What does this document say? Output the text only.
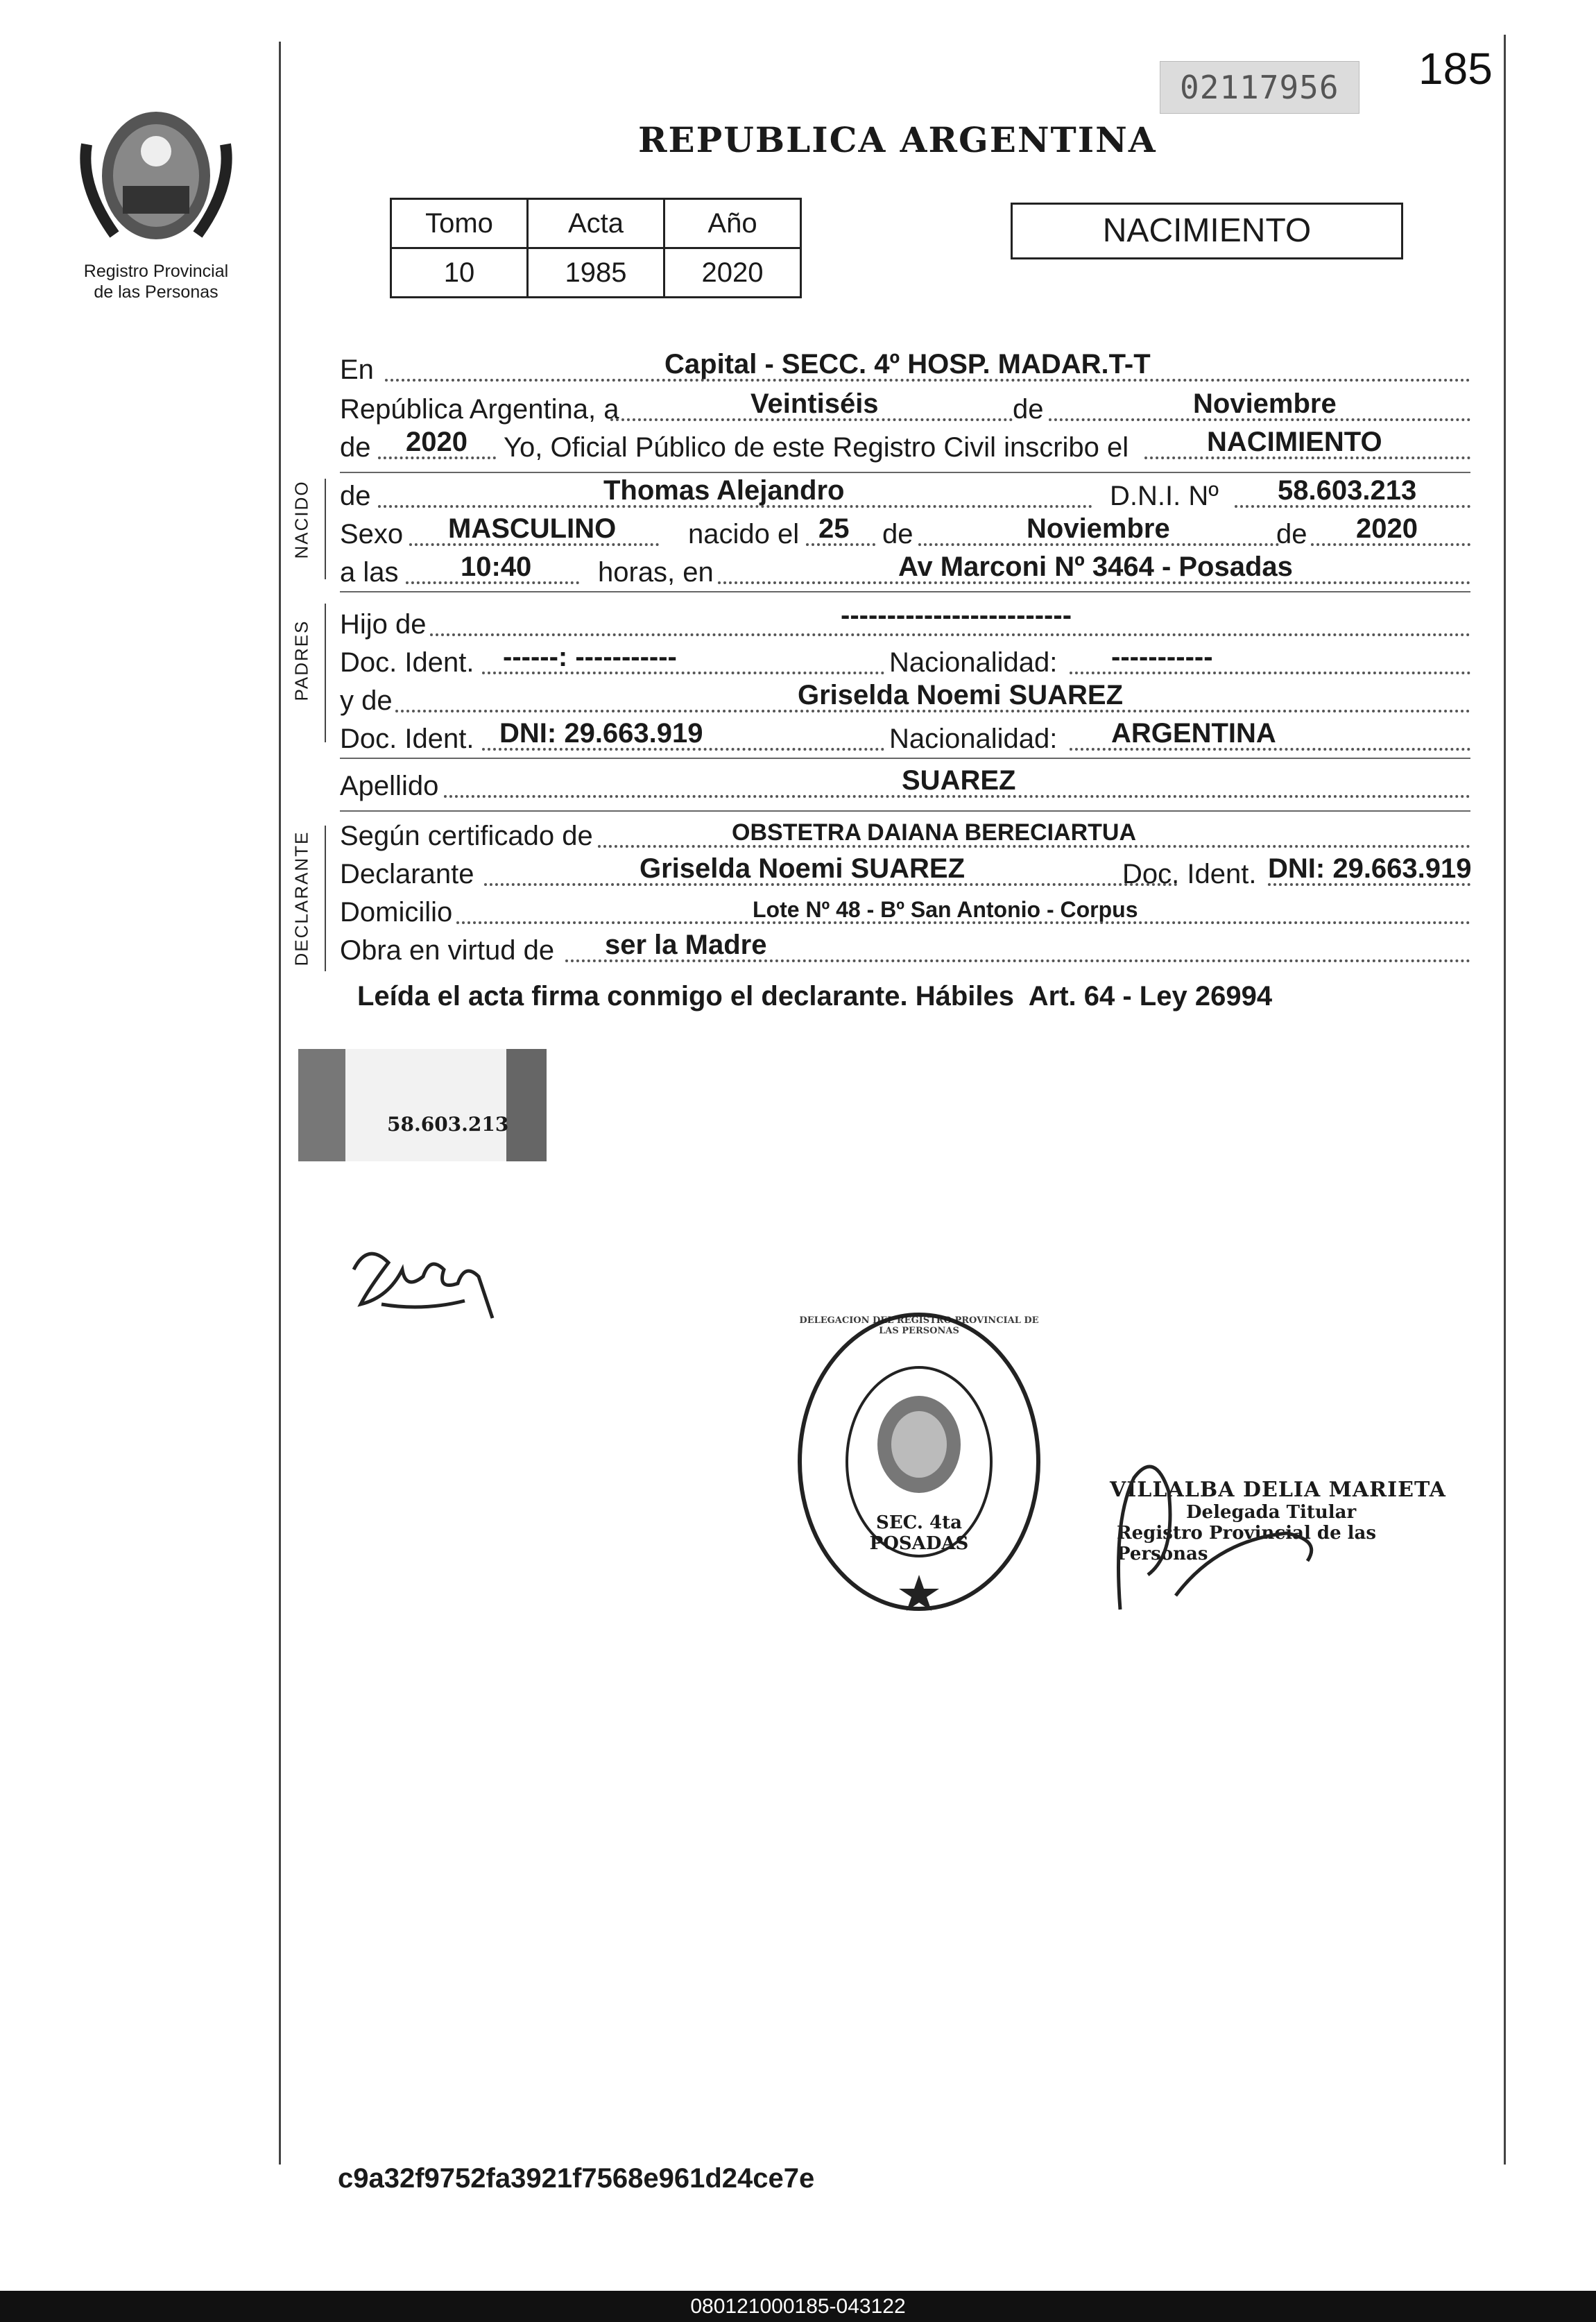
185
02117956
REPUBLICA ARGENTINA
Registro Provincial
de las Personas
Tomo	Acta	Año
10	1985	2020
NACIMIENTO
En	Capital - SECC. 4º HOSP. MADAR.T-T
República Argentina, a	Veintiséis	de	Noviembre
de 2020 Yo, Oficial Público de este Registro Civil inscribo el	NACIMIENTO
NACIDO de	Thomas Alejandro	D.N.I. Nº 58.603.213
Sexo MASCULINO	nacido el 25 de	Noviembre	de 2020
a las 10:40 horas, en	Av Marconi Nº 3464 - Posadas
PADRES Hijo de	-------------------------
Doc. Ident. ------: -----------	Nacionalidad: -----------
y de	Griselda Noemi SUAREZ
Doc. Ident. DNI: 29.663.919	Nacionalidad: ARGENTINA
Apellido	SUAREZ
DECLARANTE Según certificado de	OBSTETRA DAIANA BERECIARTUA
Declarante	Griselda Noemi SUAREZ	Doc. Ident. DNI: 29.663.919
Domicilio	Lote Nº 48 - Bº San Antonio - Corpus
Obra en virtud de ser la Madre
Leída el acta firma conmigo el declarante. Hábiles  Art. 64 - Ley 26994
58.603.213
DELEGACION DEL REGISTRO PROVINCIAL DE LAS PERSONAS
SEC. 4ta POSADAS
VILLALBA DELIA MARIETA
Delegada Titular
Registro Provincial de las Personas
c9a32f9752fa3921f7568e961d24ce7e
080121000185-043122
